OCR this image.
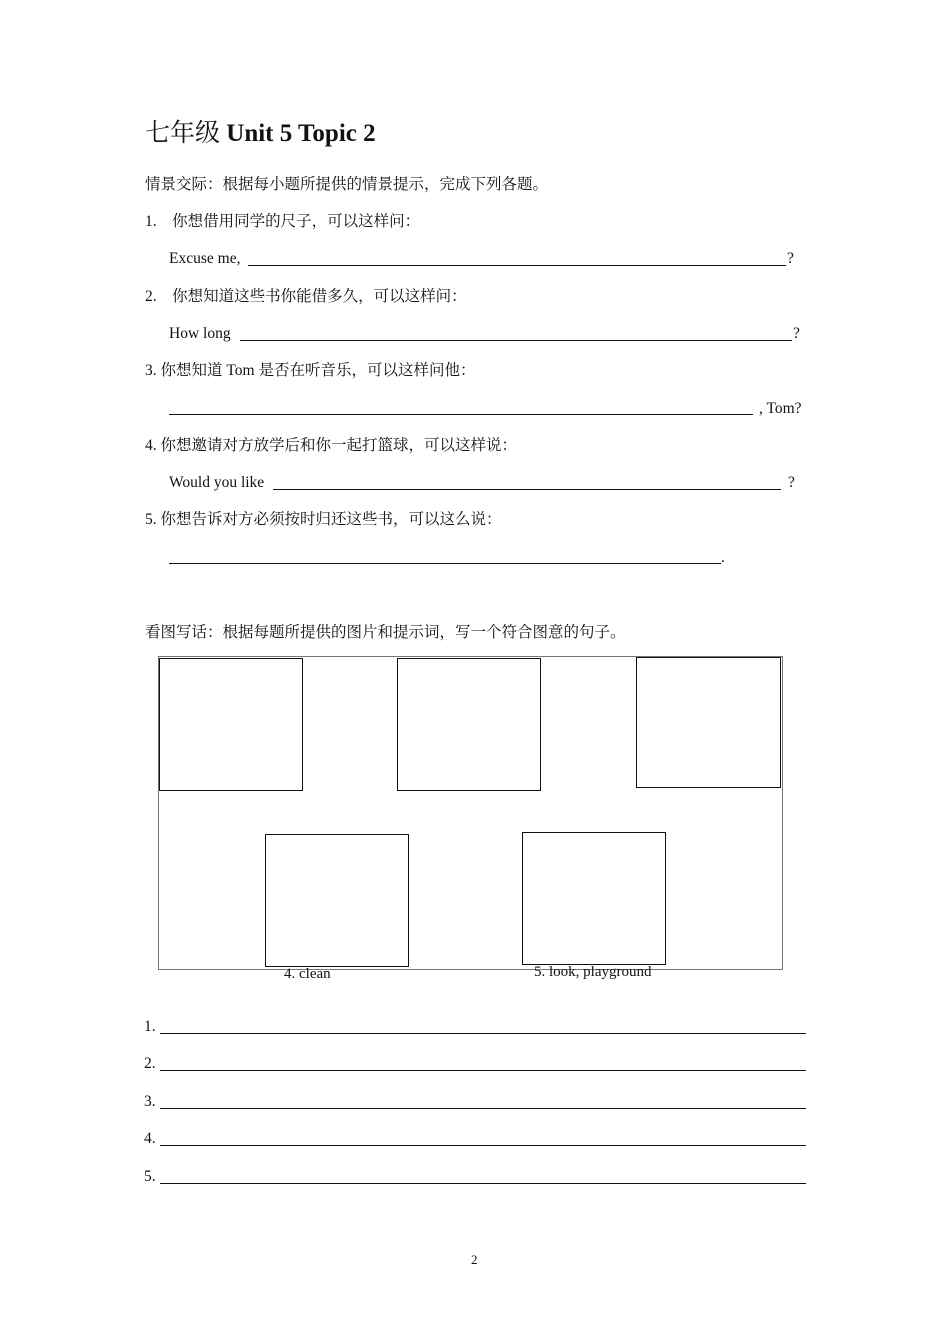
七年级 Unit 5 Topic 2
情景交际：根据每小题所提供的情景提示，完成下列各题。
1.　你想借用同学的尺子，可以这样问：
Excuse me,	?
2.　你想知道这些书你能借多久，可以这样问：
How long	?
3. 你想知道 Tom 是否在听音乐，可以这样问他：
, Tom?
4. 你想邀请对方放学后和你一起打篮球，可以这样说：
Would you like	?
5. 你想告诉对方必须按时归还这些书，可以这么说：
.
看图写话：根据每题所提供的图片和提示词，写一个符合图意的句子。
4. clean	5. look, playground
1.
2.
3.
4.
5.
2
